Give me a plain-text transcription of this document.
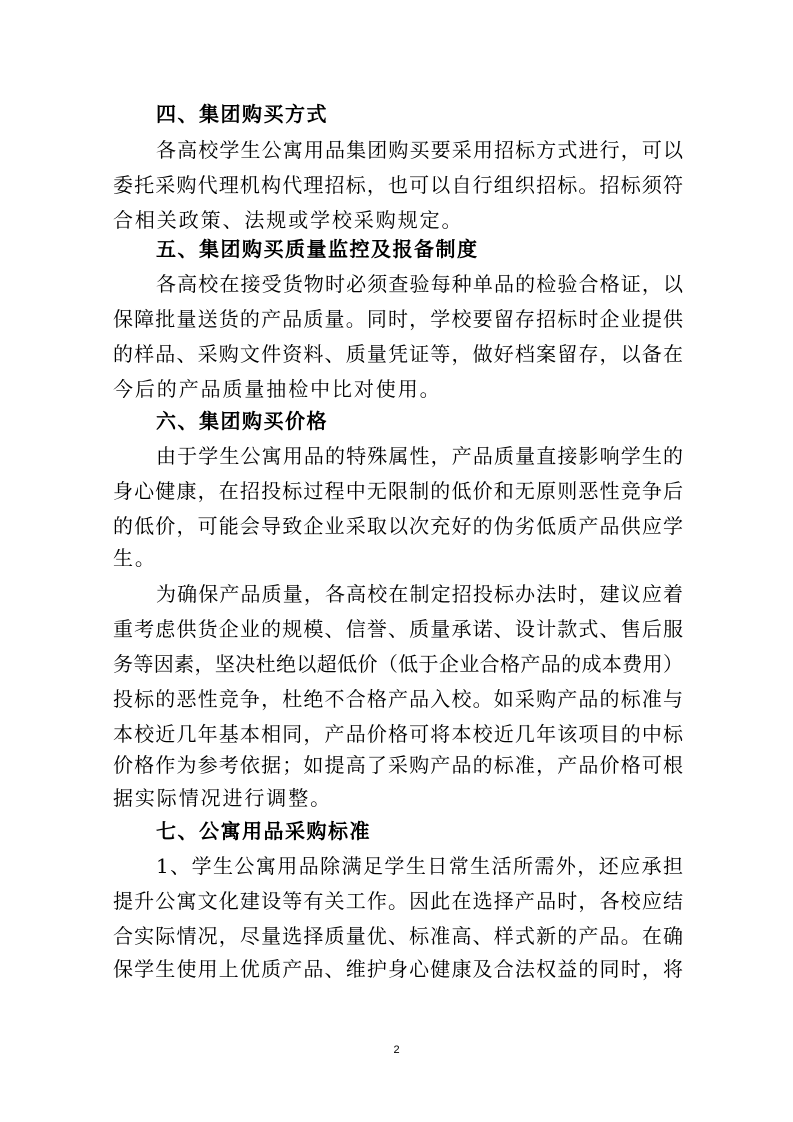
四、集团购买方式
各高校学生公寓用品集团购买要采用招标方式进行，可以
委托采购代理机构代理招标，也可以自行组织招标。招标须符
合相关政策、法规或学校采购规定。
五、集团购买质量监控及报备制度
各高校在接受货物时必须查验每种单品的检验合格证，以
保障批量送货的产品质量。同时，学校要留存招标时企业提供
的样品、采购文件资料、质量凭证等，做好档案留存，以备在
今后的产品质量抽检中比对使用。
六、集团购买价格
由于学生公寓用品的特殊属性，产品质量直接影响学生的
身心健康，在招投标过程中无限制的低价和无原则恶性竞争后
的低价，可能会导致企业采取以次充好的伪劣低质产品供应学
生。
为确保产品质量，各高校在制定招投标办法时，建议应着
重考虑供货企业的规模、信誉、质量承诺、设计款式、售后服
务等因素，坚决杜绝以超低价（低于企业合格产品的成本费用）
投标的恶性竞争，杜绝不合格产品入校。如采购产品的标准与
本校近几年基本相同，产品价格可将本校近几年该项目的中标
价格作为参考依据；如提高了采购产品的标准，产品价格可根
据实际情况进行调整。
七、公寓用品采购标准
1、学生公寓用品除满足学生日常生活所需外，还应承担
提升公寓文化建设等有关工作。因此在选择产品时，各校应结
合实际情况，尽量选择质量优、标准高、样式新的产品。在确
保学生使用上优质产品、维护身心健康及合法权益的同时，将
2
